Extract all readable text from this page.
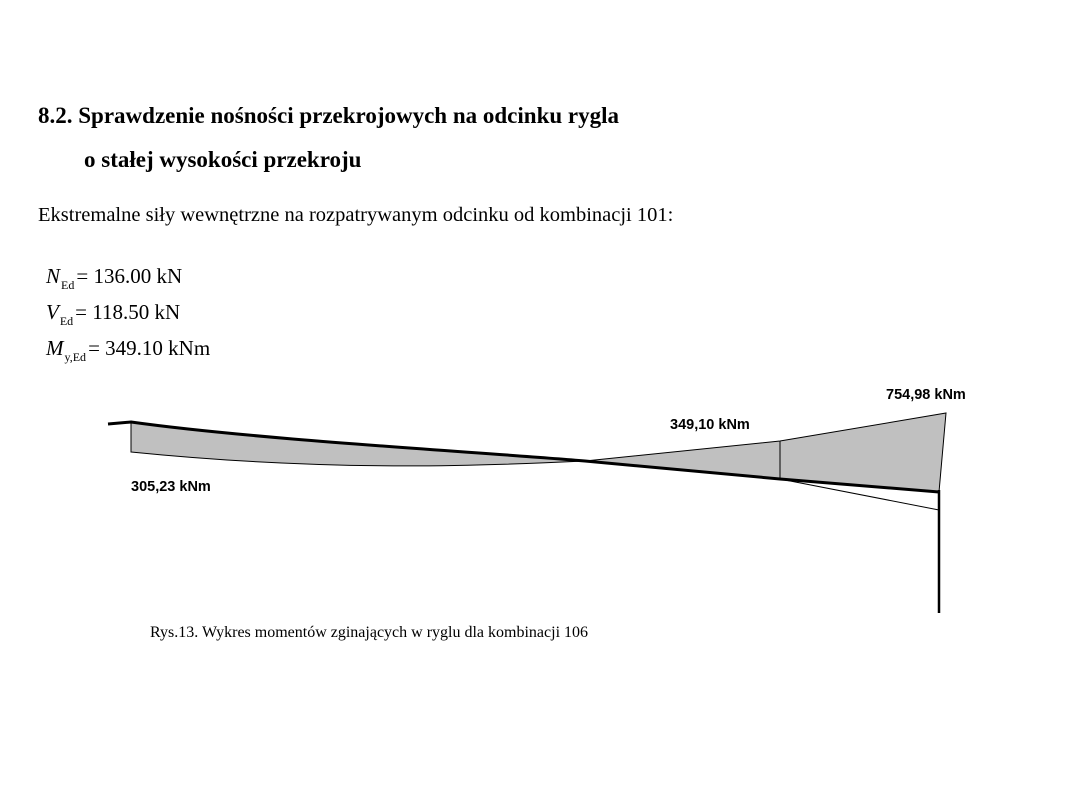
8.2. Sprawdzenie nośności przekrojowych na odcinku rygla
o stałej wysokości przekroju
Ekstremalne siły wewnętrzne na rozpatrywanym odcinku od kombinacji 101:
$N_{Ed}= 136.00$ kN
$V_{Ed}= 118.50$ kN
$M_{y,Ed}= 349.10$ kNm
754,98 kNm
349,10 kNm
305,23 kNm
Rys.13. Wykres momentów zginających w ryglu dla kombinacji 106
